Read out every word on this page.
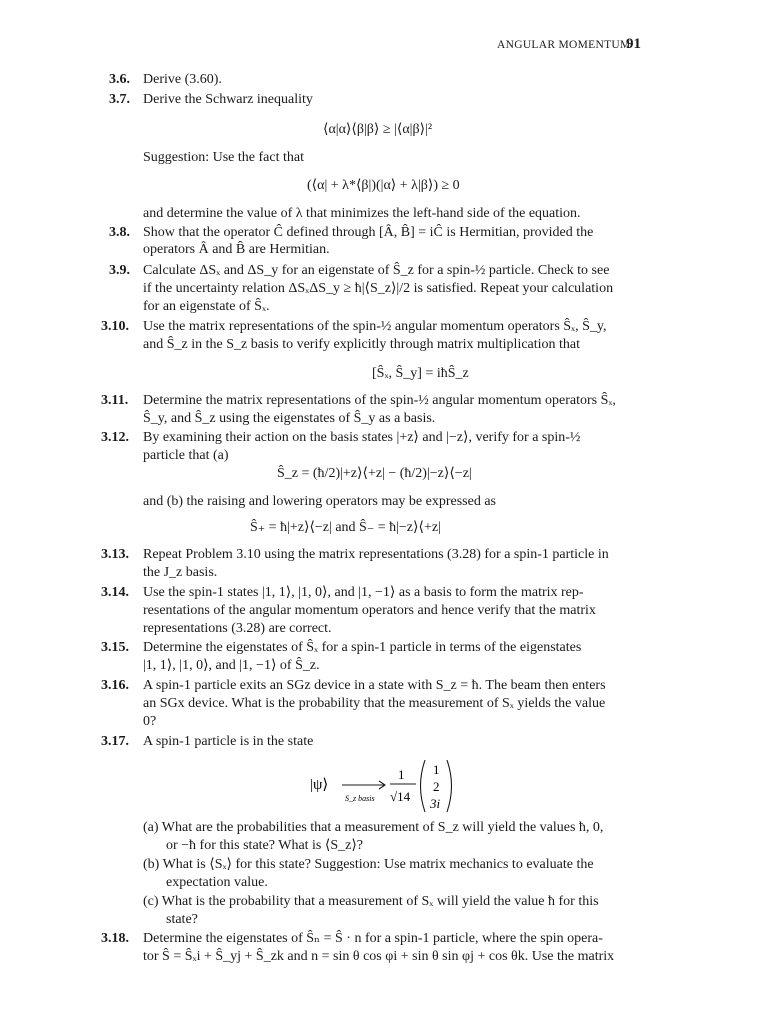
ANGULAR MOMENTUM
91
3.6. Derive (3.60).
3.7. Derive the Schwarz inequality
⟨α|α⟩⟨β|β⟩ ≥ |⟨α|β⟩|²
Suggestion: Use the fact that
(⟨α| + λ*⟨β|)(|α⟩ + λ|β⟩) ≥ 0
and determine the value of λ that minimizes the left-hand side of the equation.
3.8. Show that the operator Ĉ defined through [Â, B̂] = iĈ is Hermitian, provided the
operators Â and B̂ are Hermitian.
3.9. Calculate ΔSₓ and ΔS_y for an eigenstate of Ŝ_z for a spin-½ particle. Check to see
if the uncertainty relation ΔSₓΔS_y ≥ ħ|⟨S_z⟩|/2 is satisfied. Repeat your calculation
for an eigenstate of Ŝₓ.
3.10. Use the matrix representations of the spin-½ angular momentum operators Ŝₓ, Ŝ_y,
and Ŝ_z in the S_z basis to verify explicitly through matrix multiplication that
[Ŝₓ, Ŝ_y] = iħŜ_z
3.11. Determine the matrix representations of the spin-½ angular momentum operators Ŝₓ,
Ŝ_y, and Ŝ_z using the eigenstates of Ŝ_y as a basis.
3.12. By examining their action on the basis states |+z⟩ and |−z⟩, verify for a spin-½
particle that (a)
Ŝ_z = (ħ/2)|+z⟩⟨+z| − (ħ/2)|−z⟩⟨−z|
and (b) the raising and lowering operators may be expressed as
Ŝ₊ = ħ|+z⟩⟨−z| and Ŝ₋ = ħ|−z⟩⟨+z|
3.13. Repeat Problem 3.10 using the matrix representations (3.28) for a spin-1 particle in
the J_z basis.
3.14. Use the spin-1 states |1, 1⟩, |1, 0⟩, and |1, −1⟩ as a basis to form the matrix rep-
resentations of the angular momentum operators and hence verify that the matrix
representations (3.28) are correct.
3.15. Determine the eigenstates of Ŝₓ for a spin-1 particle in terms of the eigenstates
|1, 1⟩, |1, 0⟩, and |1, −1⟩ of Ŝ_z.
3.16. A spin-1 particle exits an SGz device in a state with S_z = ħ. The beam then enters
an SGx device. What is the probability that the measurement of Sₓ yields the value
0?
3.17. A spin-1 particle is in the state
(a) What are the probabilities that a measurement of S_z will yield the values ħ, 0,
or −ħ for this state? What is ⟨S_z⟩?
(b) What is ⟨Sₓ⟩ for this state? Suggestion: Use matrix mechanics to evaluate the
expectation value.
(c) What is the probability that a measurement of Sₓ will yield the value ħ for this
state?
3.18. Determine the eigenstates of Ŝₙ = Ŝ · n for a spin-1 particle, where the spin opera-
tor Ŝ = Ŝₓi + Ŝ_yj + Ŝ_zk and n = sin θ cos φi + sin θ sin φj + cos θk. Use the matrix
|ψ⟩
S_z basis
1
√14
1
2
3i
